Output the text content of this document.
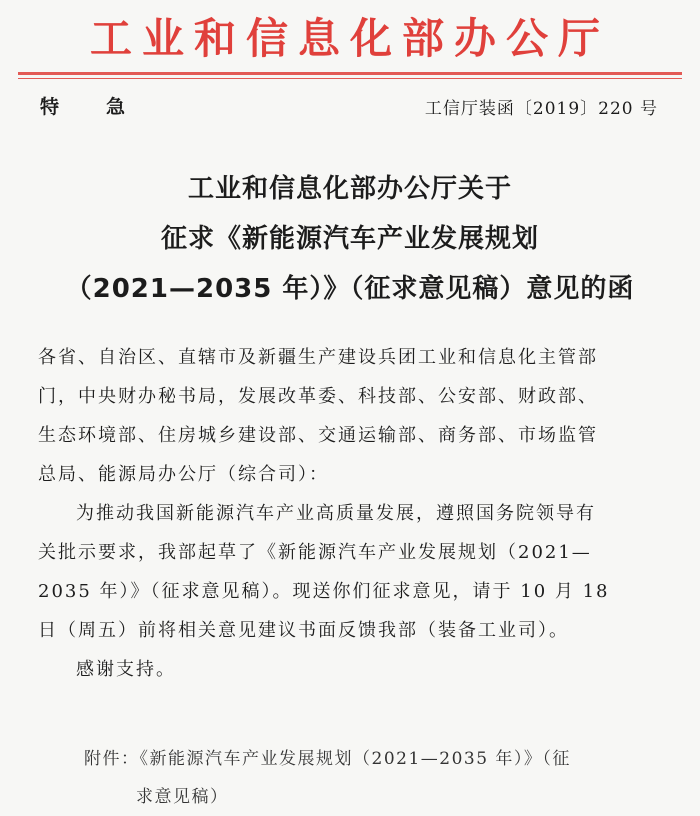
工业和信息化部办公厅
特　急	工信厅装函〔2019〕220 号
工业和信息化部办公厅关于
征求《新能源汽车产业发展规划
（2021—2035 年）》（征求意见稿）意见的函
各省、自治区、直辖市及新疆生产建设兵团工业和信息化主管部
门，中央财办秘书局，发展改革委、科技部、公安部、财政部、
生态环境部、住房城乡建设部、交通运输部、商务部、市场监管
总局、能源局办公厅（综合司）：
为推动我国新能源汽车产业高质量发展，遵照国务院领导有
关批示要求，我部起草了《新能源汽车产业发展规划（2021—
2035 年）》（征求意见稿）。现送你们征求意见，请于 10 月 18
日（周五）前将相关意见建议书面反馈我部（装备工业司）。
感谢支持。
附件：《新能源汽车产业发展规划（2021—2035 年）》（征
求意见稿）
